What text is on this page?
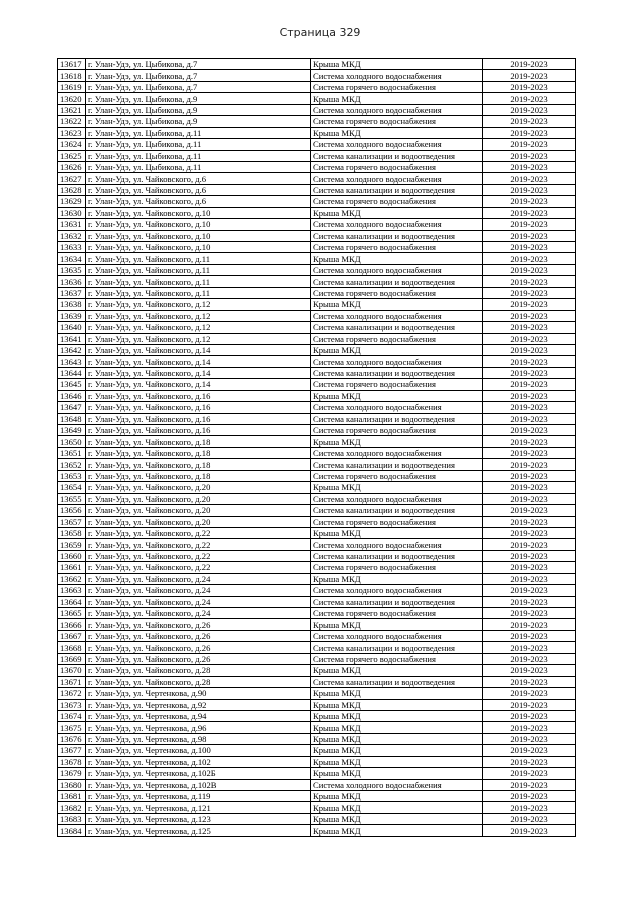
Страница 329
13617	г. Улан-Удэ, ул. Цыбикова, д.7	Крыша МКД	2019-2023
13618	г. Улан-Удэ, ул. Цыбикова, д.7	Система холодного водоснабжения	2019-2023
13619	г. Улан-Удэ, ул. Цыбикова, д.7	Система горячего водоснабжения	2019-2023
13620	г. Улан-Удэ, ул. Цыбикова, д.9	Крыша МКД	2019-2023
13621	г. Улан-Удэ, ул. Цыбикова, д.9	Система холодного водоснабжения	2019-2023
13622	г. Улан-Удэ, ул. Цыбикова, д.9	Система горячего водоснабжения	2019-2023
13623	г. Улан-Удэ, ул. Цыбикова, д.11	Крыша МКД	2019-2023
13624	г. Улан-Удэ, ул. Цыбикова, д.11	Система холодного водоснабжения	2019-2023
13625	г. Улан-Удэ, ул. Цыбикова, д.11	Система канализации и водоотведения	2019-2023
13626	г. Улан-Удэ, ул. Цыбикова, д.11	Система горячего водоснабжения	2019-2023
13627	г. Улан-Удэ, ул. Чайковского, д.6	Система холодного водоснабжения	2019-2023
13628	г. Улан-Удэ, ул. Чайковского, д.6	Система канализации и водоотведения	2019-2023
13629	г. Улан-Удэ, ул. Чайковского, д.6	Система горячего водоснабжения	2019-2023
13630	г. Улан-Удэ, ул. Чайковского, д.10	Крыша МКД	2019-2023
13631	г. Улан-Удэ, ул. Чайковского, д.10	Система холодного водоснабжения	2019-2023
13632	г. Улан-Удэ, ул. Чайковского, д.10	Система канализации и водоотведения	2019-2023
13633	г. Улан-Удэ, ул. Чайковского, д.10	Система горячего водоснабжения	2019-2023
13634	г. Улан-Удэ, ул. Чайковского, д.11	Крыша МКД	2019-2023
13635	г. Улан-Удэ, ул. Чайковского, д.11	Система холодного водоснабжения	2019-2023
13636	г. Улан-Удэ, ул. Чайковского, д.11	Система канализации и водоотведения	2019-2023
13637	г. Улан-Удэ, ул. Чайковского, д.11	Система горячего водоснабжения	2019-2023
13638	г. Улан-Удэ, ул. Чайковского, д.12	Крыша МКД	2019-2023
13639	г. Улан-Удэ, ул. Чайковского, д.12	Система холодного водоснабжения	2019-2023
13640	г. Улан-Удэ, ул. Чайковского, д.12	Система канализации и водоотведения	2019-2023
13641	г. Улан-Удэ, ул. Чайковского, д.12	Система горячего водоснабжения	2019-2023
13642	г. Улан-Удэ, ул. Чайковского, д.14	Крыша МКД	2019-2023
13643	г. Улан-Удэ, ул. Чайковского, д.14	Система холодного водоснабжения	2019-2023
13644	г. Улан-Удэ, ул. Чайковского, д.14	Система канализации и водоотведения	2019-2023
13645	г. Улан-Удэ, ул. Чайковского, д.14	Система горячего водоснабжения	2019-2023
13646	г. Улан-Удэ, ул. Чайковского, д.16	Крыша МКД	2019-2023
13647	г. Улан-Удэ, ул. Чайковского, д.16	Система холодного водоснабжения	2019-2023
13648	г. Улан-Удэ, ул. Чайковского, д.16	Система канализации и водоотведения	2019-2023
13649	г. Улан-Удэ, ул. Чайковского, д.16	Система горячего водоснабжения	2019-2023
13650	г. Улан-Удэ, ул. Чайковского, д.18	Крыша МКД	2019-2023
13651	г. Улан-Удэ, ул. Чайковского, д.18	Система холодного водоснабжения	2019-2023
13652	г. Улан-Удэ, ул. Чайковского, д.18	Система канализации и водоотведения	2019-2023
13653	г. Улан-Удэ, ул. Чайковского, д.18	Система горячего водоснабжения	2019-2023
13654	г. Улан-Удэ, ул. Чайковского, д.20	Крыша МКД	2019-2023
13655	г. Улан-Удэ, ул. Чайковского, д.20	Система холодного водоснабжения	2019-2023
13656	г. Улан-Удэ, ул. Чайковского, д.20	Система канализации и водоотведения	2019-2023
13657	г. Улан-Удэ, ул. Чайковского, д.20	Система горячего водоснабжения	2019-2023
13658	г. Улан-Удэ, ул. Чайковского, д.22	Крыша МКД	2019-2023
13659	г. Улан-Удэ, ул. Чайковского, д.22	Система холодного водоснабжения	2019-2023
13660	г. Улан-Удэ, ул. Чайковского, д.22	Система канализации и водоотведения	2019-2023
13661	г. Улан-Удэ, ул. Чайковского, д.22	Система горячего водоснабжения	2019-2023
13662	г. Улан-Удэ, ул. Чайковского, д.24	Крыша МКД	2019-2023
13663	г. Улан-Удэ, ул. Чайковского, д.24	Система холодного водоснабжения	2019-2023
13664	г. Улан-Удэ, ул. Чайковского, д.24	Система канализации и водоотведения	2019-2023
13665	г. Улан-Удэ, ул. Чайковского, д.24	Система горячего водоснабжения	2019-2023
13666	г. Улан-Удэ, ул. Чайковского, д.26	Крыша МКД	2019-2023
13667	г. Улан-Удэ, ул. Чайковского, д.26	Система холодного водоснабжения	2019-2023
13668	г. Улан-Удэ, ул. Чайковского, д.26	Система канализации и водоотведения	2019-2023
13669	г. Улан-Удэ, ул. Чайковского, д.26	Система горячего водоснабжения	2019-2023
13670	г. Улан-Удэ, ул. Чайковского, д.28	Крыша МКД	2019-2023
13671	г. Улан-Удэ, ул. Чайковского, д.28	Система канализации и водоотведения	2019-2023
13672	г. Улан-Удэ, ул. Чертенкова, д.90	Крыша МКД	2019-2023
13673	г. Улан-Удэ, ул. Чертенкова, д.92	Крыша МКД	2019-2023
13674	г. Улан-Удэ, ул. Чертенкова, д.94	Крыша МКД	2019-2023
13675	г. Улан-Удэ, ул. Чертенкова, д.96	Крыша МКД	2019-2023
13676	г. Улан-Удэ, ул. Чертенкова, д.98	Крыша МКД	2019-2023
13677	г. Улан-Удэ, ул. Чертенкова, д.100	Крыша МКД	2019-2023
13678	г. Улан-Удэ, ул. Чертенкова, д.102	Крыша МКД	2019-2023
13679	г. Улан-Удэ, ул. Чертенкова, д.102Б	Крыша МКД	2019-2023
13680	г. Улан-Удэ, ул. Чертенкова, д.102В	Система холодного водоснабжения	2019-2023
13681	г. Улан-Удэ, ул. Чертенкова, д.119	Крыша МКД	2019-2023
13682	г. Улан-Удэ, ул. Чертенкова, д.121	Крыша МКД	2019-2023
13683	г. Улан-Удэ, ул. Чертенкова, д.123	Крыша МКД	2019-2023
13684	г. Улан-Удэ, ул. Чертенкова, д.125	Крыша МКД	2019-2023
